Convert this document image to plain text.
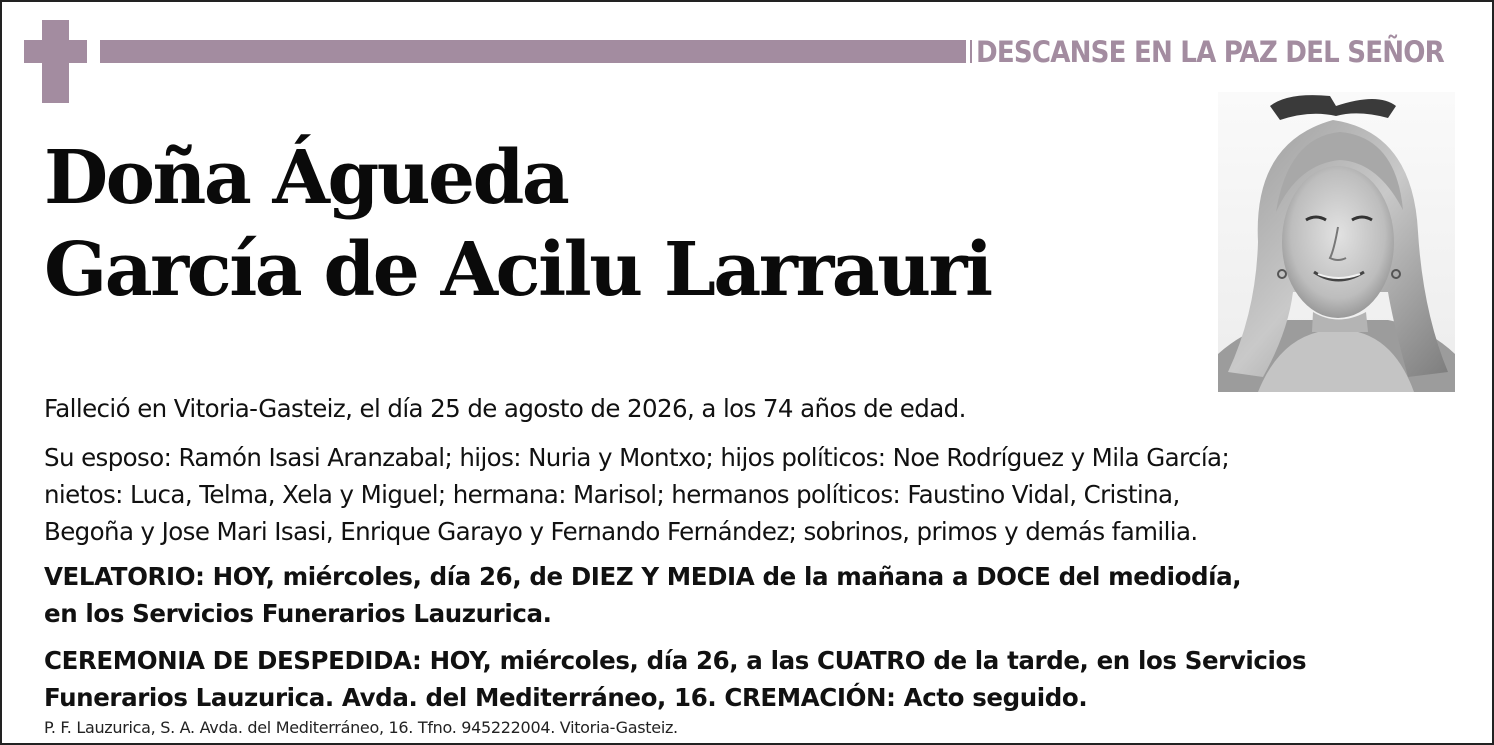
DESCANSE EN LA PAZ DEL SEÑOR
Doña Águeda
García de Acilu Larrauri
Falleció en Vitoria-Gasteiz, el día 25 de agosto de 2026, a los 74 años de edad.
Su esposo: Ramón Isasi Aranzabal; hijos: Nuria y Montxo; hijos políticos: Noe Rodríguez y Mila García;
nietos: Luca, Telma, Xela y Miguel; hermana: Marisol; hermanos políticos: Faustino Vidal, Cristina,
Begoña y Jose Mari Isasi, Enrique Garayo y Fernando Fernández; sobrinos, primos y demás familia.
VELATORIO: HOY, miércoles, día 26, de DIEZ Y MEDIA de la mañana a DOCE del mediodía,
en los Servicios Funerarios Lauzurica.
CEREMONIA DE DESPEDIDA: HOY, miércoles, día 26, a las CUATRO de la tarde, en los Servicios
Funerarios Lauzurica. Avda. del Mediterráneo, 16. CREMACIÓN: Acto seguido.
P. F. Lauzurica, S. A. Avda. del Mediterráneo, 16. Tfno. 945222004. Vitoria-Gasteiz.
